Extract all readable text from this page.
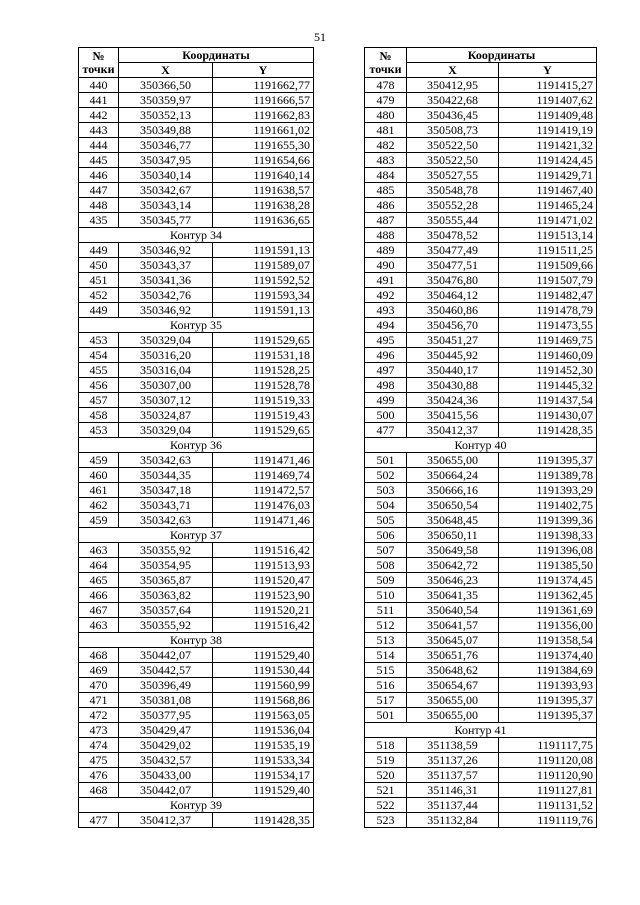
51
№
точки	Координаты	
	X	Y
440	350366,50	1191662,77
441	350359,97	1191666,57
442	350352,13	1191662,83
443	350349,88	1191661,02
444	350346,77	1191655,30
445	350347,95	1191654,66
446	350340,14	1191640,14
447	350342,67	1191638,57
448	350343,14	1191638,28
435	350345,77	1191636,65
Контур 34		
449	350346,92	1191591,13
450	350343,37	1191589,07
451	350341,36	1191592,52
452	350342,76	1191593,34
449	350346,92	1191591,13
Контур 35		
453	350329,04	1191529,65
454	350316,20	1191531,18
455	350316,04	1191528,25
456	350307,00	1191528,78
457	350307,12	1191519,33
458	350324,87	1191519,43
453	350329,04	1191529,65
Контур 36		
459	350342,63	1191471,46
460	350344,35	1191469,74
461	350347,18	1191472,57
462	350343,71	1191476,03
459	350342,63	1191471,46
Контур 37		
463	350355,92	1191516,42
464	350354,95	1191513,93
465	350365,87	1191520,47
466	350363,82	1191523,90
467	350357,64	1191520,21
463	350355,92	1191516,42
Контур 38		
468	350442,07	1191529,40
469	350442,57	1191530,44
470	350396,49	1191560,99
471	350381,08	1191568,86
472	350377,95	1191563,05
473	350429,47	1191536,04
474	350429,02	1191535,19
475	350432,57	1191533,34
476	350433,00	1191534,17
468	350442,07	1191529,40
Контур 39		
477	350412,37	1191428,35
№
точки	Координаты	
	X	Y
478	350412,95	1191415,27
479	350422,68	1191407,62
480	350436,45	1191409,48
481	350508,73	1191419,19
482	350522,50	1191421,32
483	350522,50	1191424,45
484	350527,55	1191429,71
485	350548,78	1191467,40
486	350552,28	1191465,24
487	350555,44	1191471,02
488	350478,52	1191513,14
489	350477,49	1191511,25
490	350477,51	1191509,66
491	350476,80	1191507,79
492	350464,12	1191482,47
493	350460,86	1191478,79
494	350456,70	1191473,55
495	350451,27	1191469,75
496	350445,92	1191460,09
497	350440,17	1191452,30
498	350430,88	1191445,32
499	350424,36	1191437,54
500	350415,56	1191430,07
477	350412,37	1191428,35
Контур 40		
501	350655,00	1191395,37
502	350664,24	1191389,78
503	350666,16	1191393,29
504	350650,54	1191402,75
505	350648,45	1191399,36
506	350650,11	1191398,33
507	350649,58	1191396,08
508	350642,72	1191385,50
509	350646,23	1191374,45
510	350641,35	1191362,45
511	350640,54	1191361,69
512	350641,57	1191356,00
513	350645,07	1191358,54
514	350651,76	1191374,40
515	350648,62	1191384,69
516	350654,67	1191393,93
517	350655,00	1191395,37
501	350655,00	1191395,37
Контур 41		
518	351138,59	1191117,75
519	351137,26	1191120,08
520	351137,57	1191120,90
521	351146,31	1191127,81
522	351137,44	1191131,52
523	351132,84	1191119,76
